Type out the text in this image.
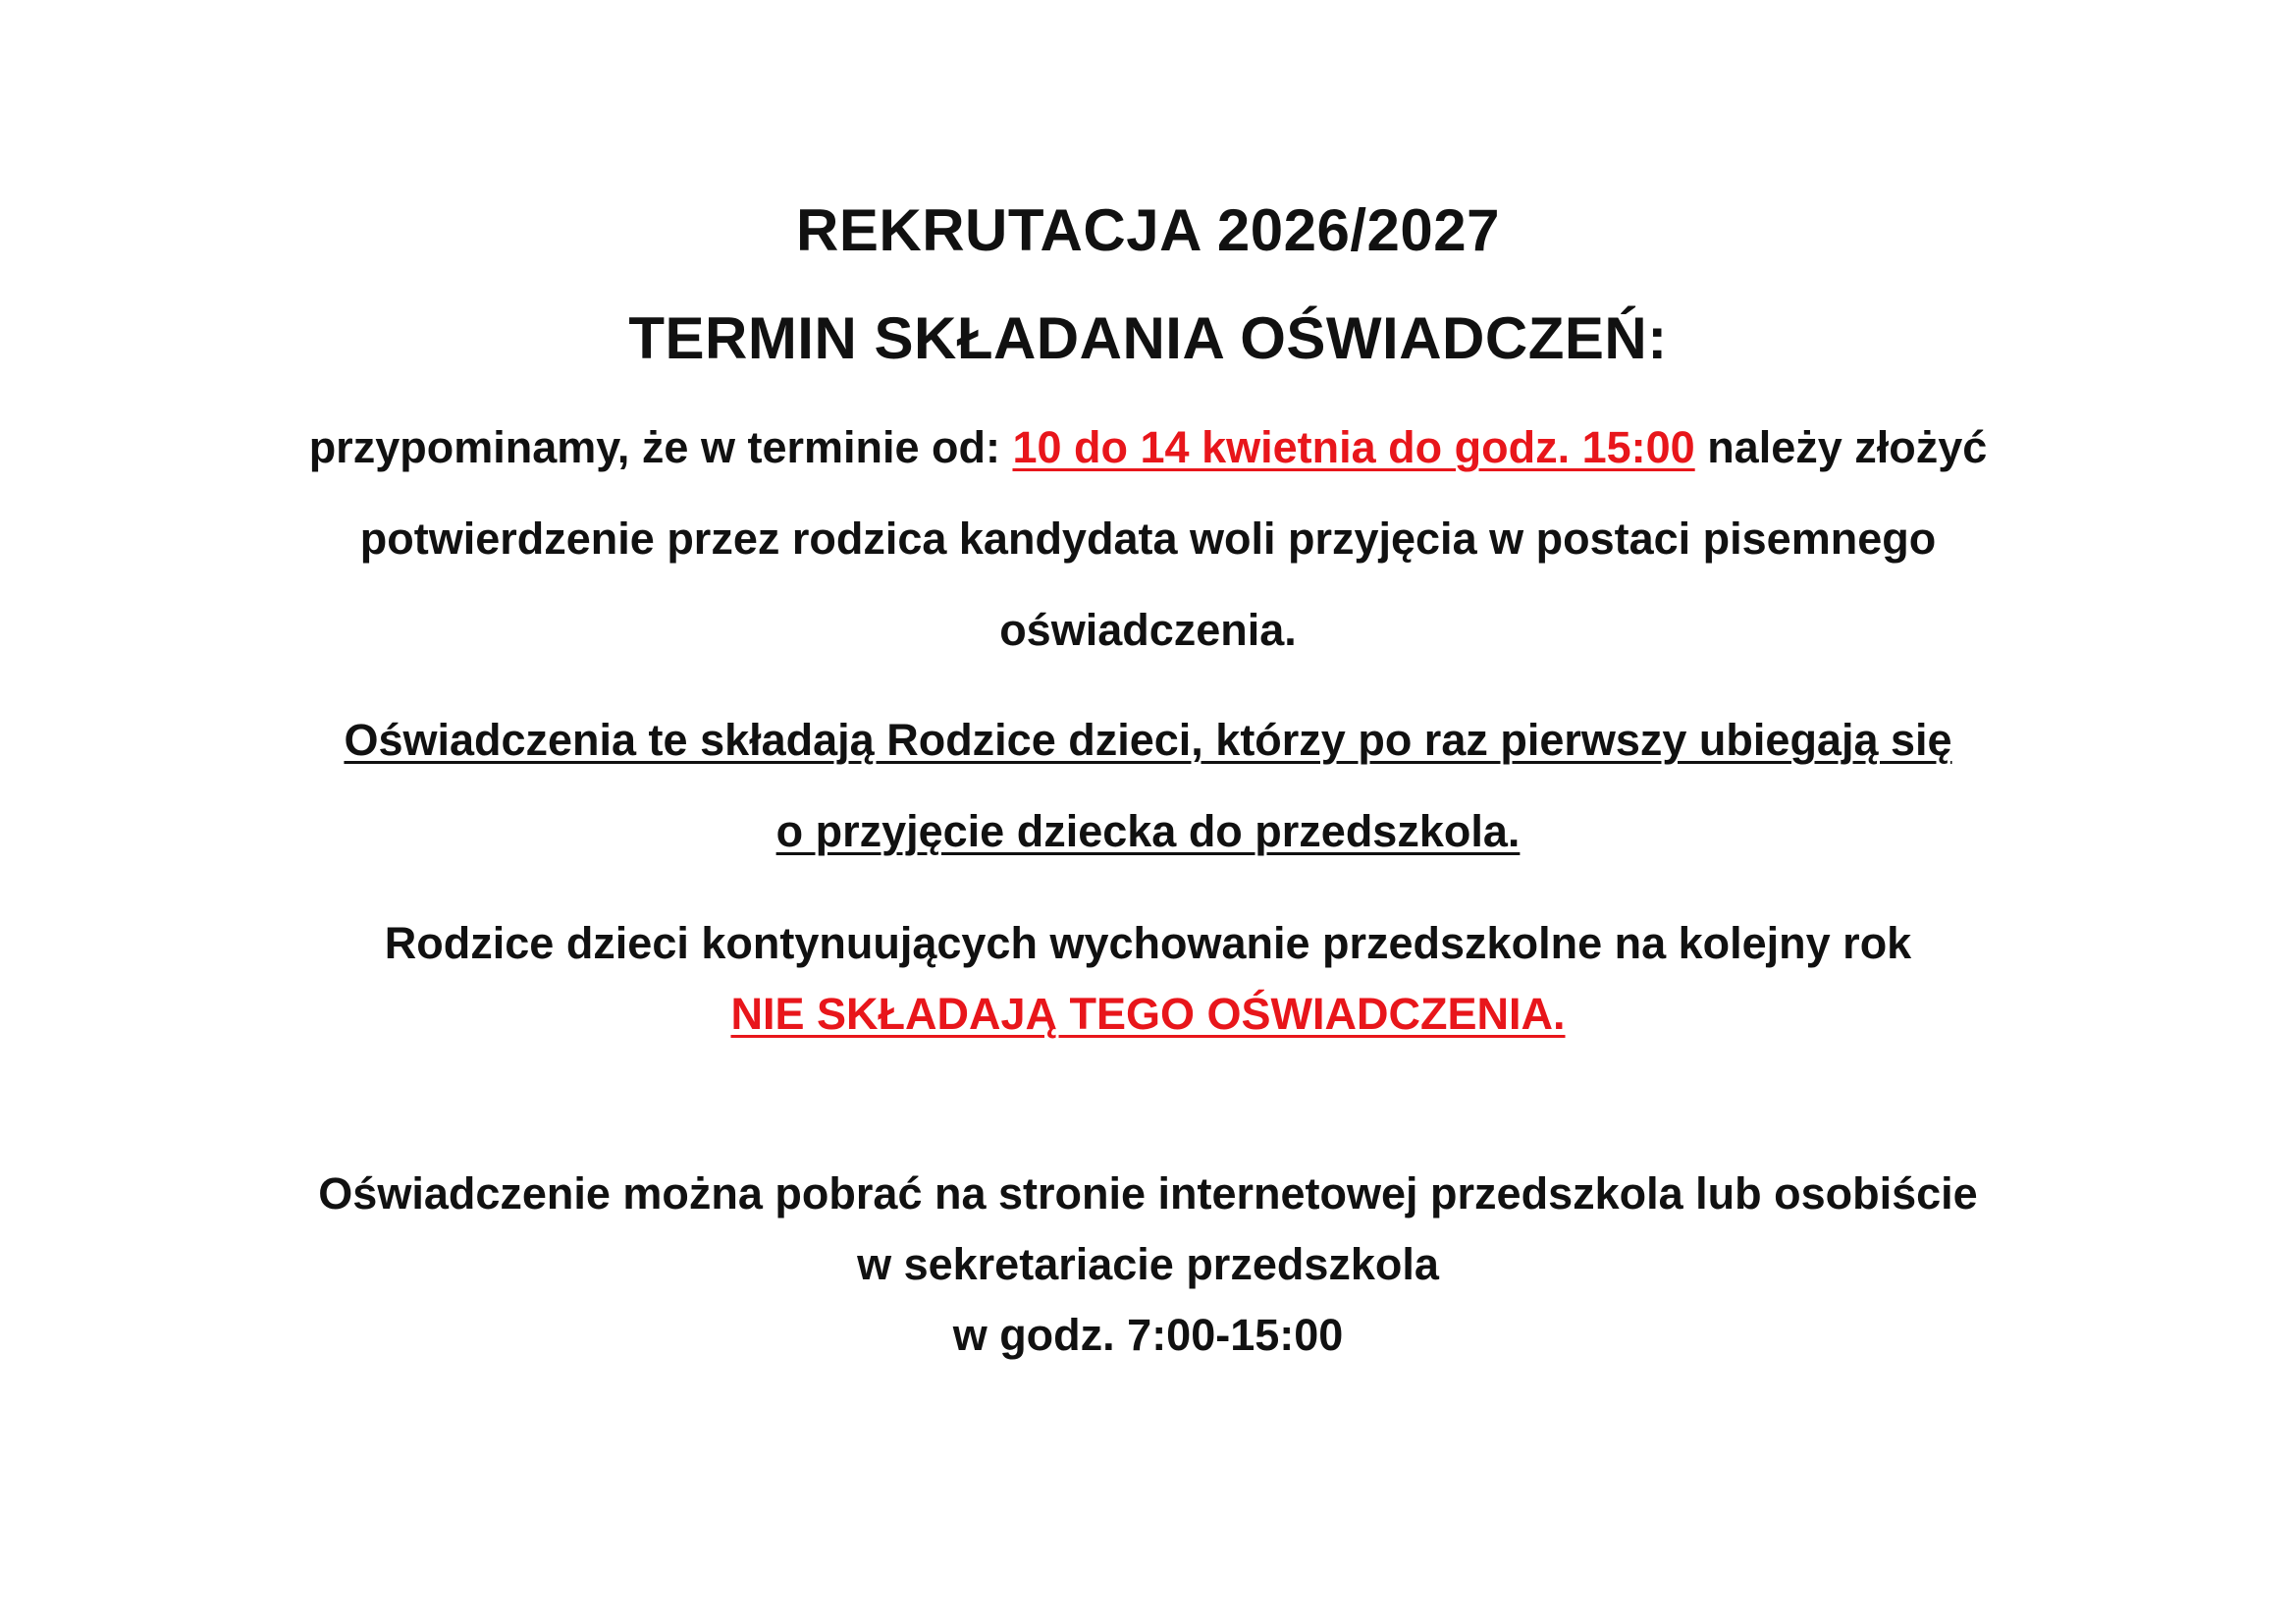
REKRUTACJA 2026/2027
TERMIN SKŁADANIA OŚWIADCZEŃ:
przypominamy, że w terminie od: 10 do 14 kwietnia do godz. 15:00 należy złożyć
potwierdzenie przez rodzica kandydata woli przyjęcia w postaci pisemnego
oświadczenia.
Oświadczenia te składają Rodzice dzieci, którzy po raz pierwszy ubiegają się
o przyjęcie dziecka do przedszkola.
Rodzice dzieci kontynuujących wychowanie przedszkolne na kolejny rok
NIE SKŁADAJĄ TEGO OŚWIADCZENIA.
Oświadczenie można pobrać na stronie internetowej przedszkola lub osobiście
w sekretariacie przedszkola
w godz. 7:00-15:00
